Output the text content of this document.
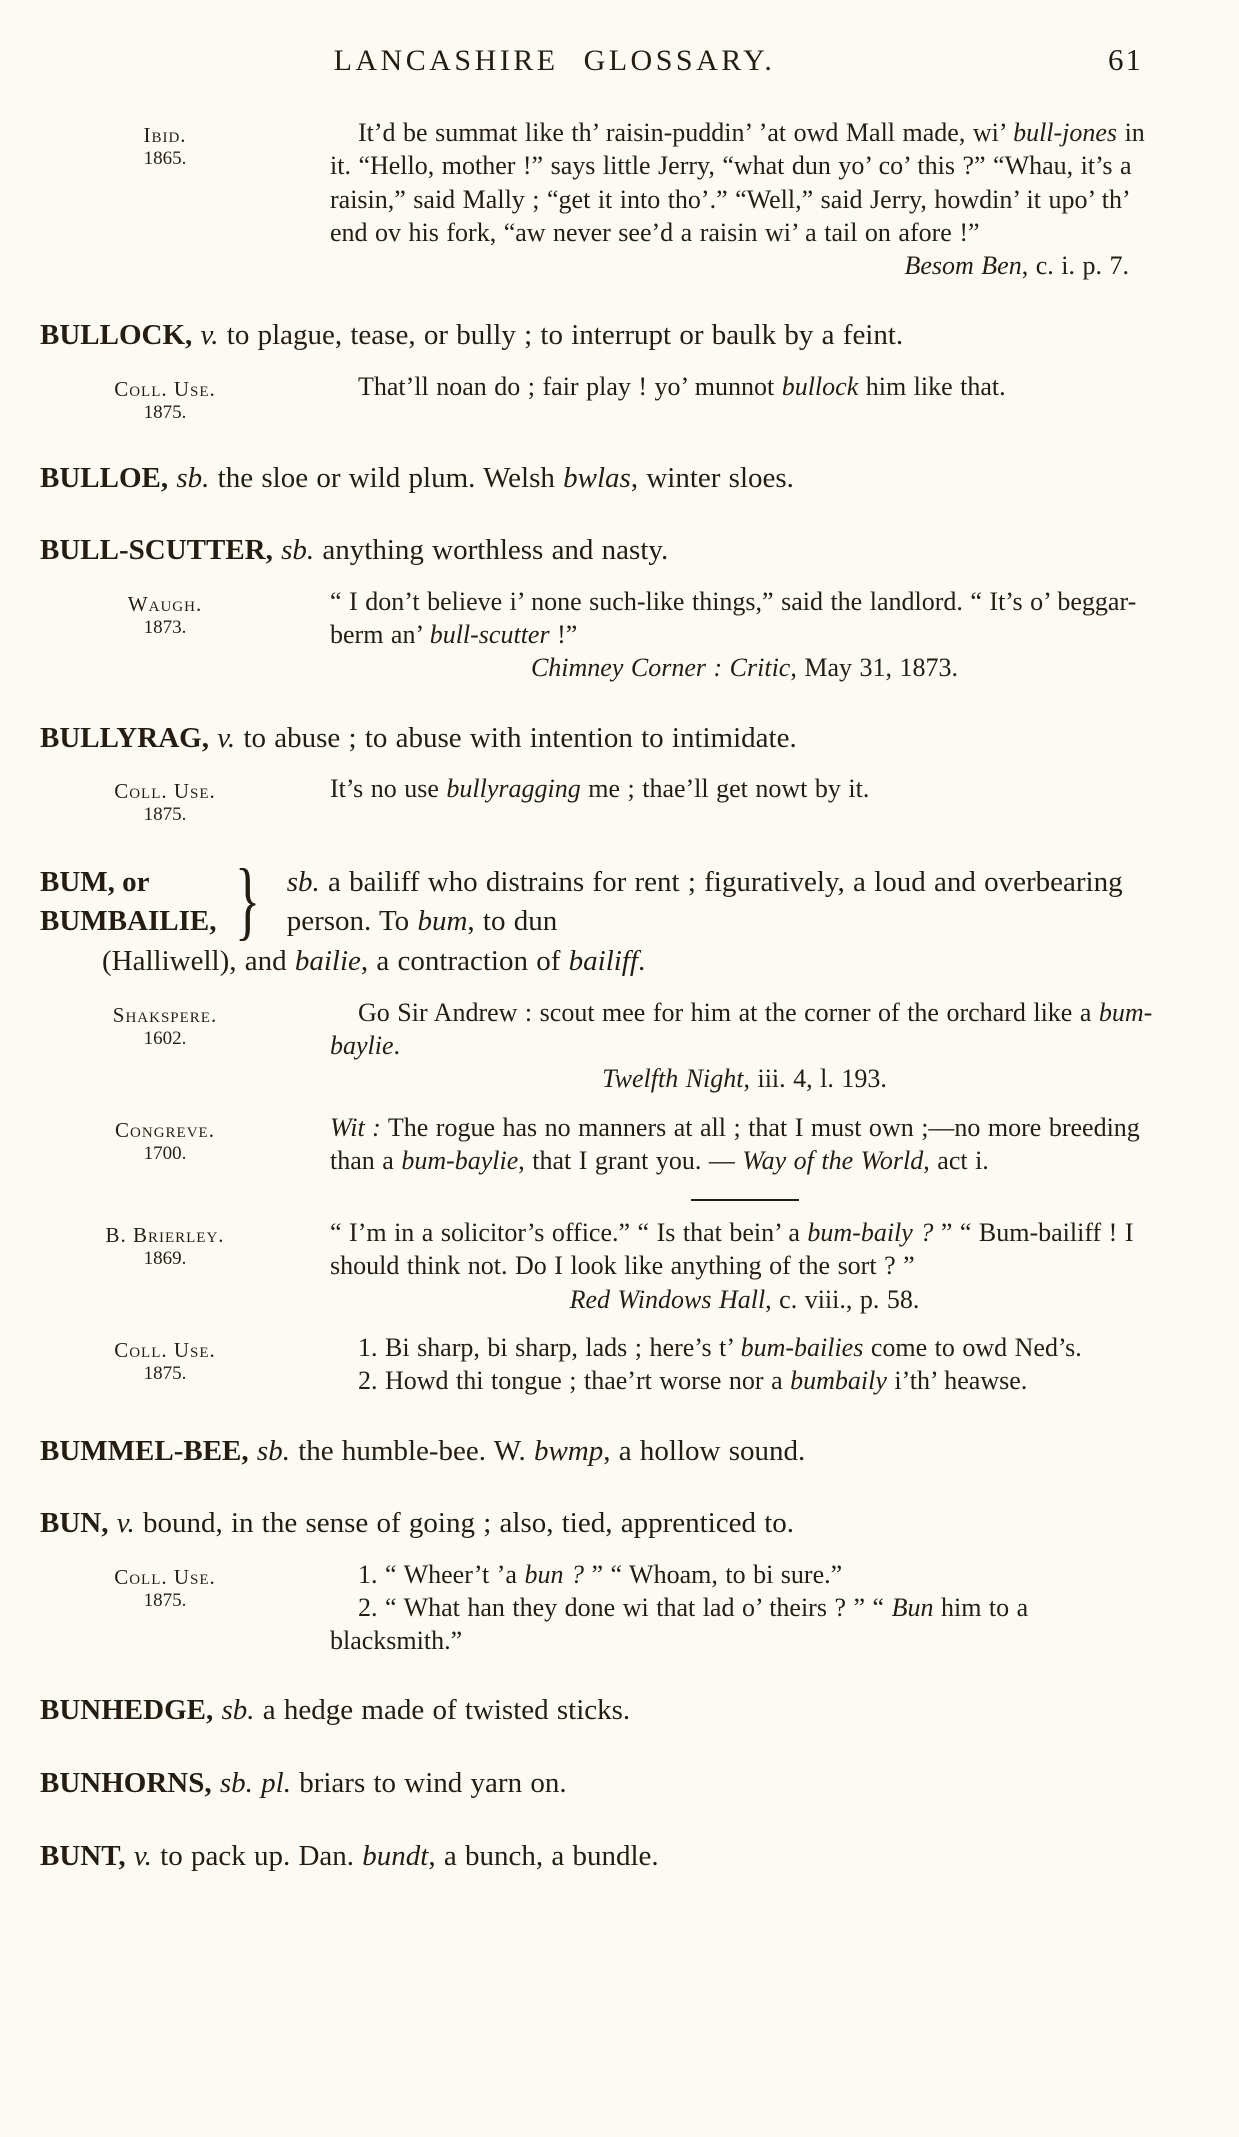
LANCASHIRE GLOSSARY.	61
Ibid.
1865.

It’d be summat like th’ raisin-puddin’ ’at owd Mall made, wi’ bull-jones in it. “Hello, mother !” says little Jerry, “what dun yo’ co’ this ?” “Whau, it’s a raisin,” said Mally ; “get it into tho’.” “Well,” said Jerry, howdin’ it upo’ th’ end ov his fork, “aw never see’d a raisin wi’ a tail on afore !”

Besom Ben, c. i. p. 7.

BULLOCK, v. to plague, tease, or bully ; to interrupt or baulk by a feint.

Coll. Use.
1875.

That’ll noan do ; fair play ! yo’ munnot bullock him like that.

BULLOE, sb. the sloe or wild plum. Welsh bwlas, winter sloes.

BULL-SCUTTER, sb. anything worthless and nasty.

Waugh.
1873.

“ I don’t believe i’ none such-like things,” said the landlord. “ It’s o’ beggar-berm an’ bull-scutter !”

Chimney Corner : Critic, May 31, 1873.

BULLYRAG, v. to abuse ; to abuse with intention to intimidate.

Coll. Use.
1875.

It’s no use bullyragging me ; thae’ll get nowt by it.

BUM, or
BUMBAILIE, } sb. a bailiff who distrains for rent ; figuratively, a loud and overbearing person. To bum, to dun

(Halliwell), and bailie, a contraction of bailiff.

Shakspere.
1602.

Go Sir Andrew : scout mee for him at the corner of the orchard like a bum-baylie.

Twelfth Night, iii. 4, l. 193.

Congreve.
1700.

Wit : The rogue has no manners at all ; that I must own ;—no more breeding than a bum-baylie, that I grant you. — Way of the World, act i.

B. Brierley.
1869.

“ I’m in a solicitor’s office.” “ Is that bein’ a bum-baily ? ” “ Bum-bailiff ! I should think not. Do I look like anything of the sort ? ”

Red Windows Hall, c. viii., p. 58.

Coll. Use.
1875.

1. Bi sharp, bi sharp, lads ; here’s t’ bum-bailies come to owd Ned’s.

2. Howd thi tongue ; thae’rt worse nor a bumbaily i’th’ heawse.

BUMMEL-BEE, sb. the humble-bee. W. bwmp, a hollow sound.

BUN, v. bound, in the sense of going ; also, tied, apprenticed to.

Coll. Use.
1875.

1. “ Wheer’t ’a bun ? ” “ Whoam, to bi sure.”

2. “ What han they done wi that lad o’ theirs ? ” “ Bun him to a blacksmith.”

BUNHEDGE, sb. a hedge made of twisted sticks.

BUNHORNS, sb. pl. briars to wind yarn on.

BUNT, v. to pack up. Dan. bundt, a bunch, a bundle.
